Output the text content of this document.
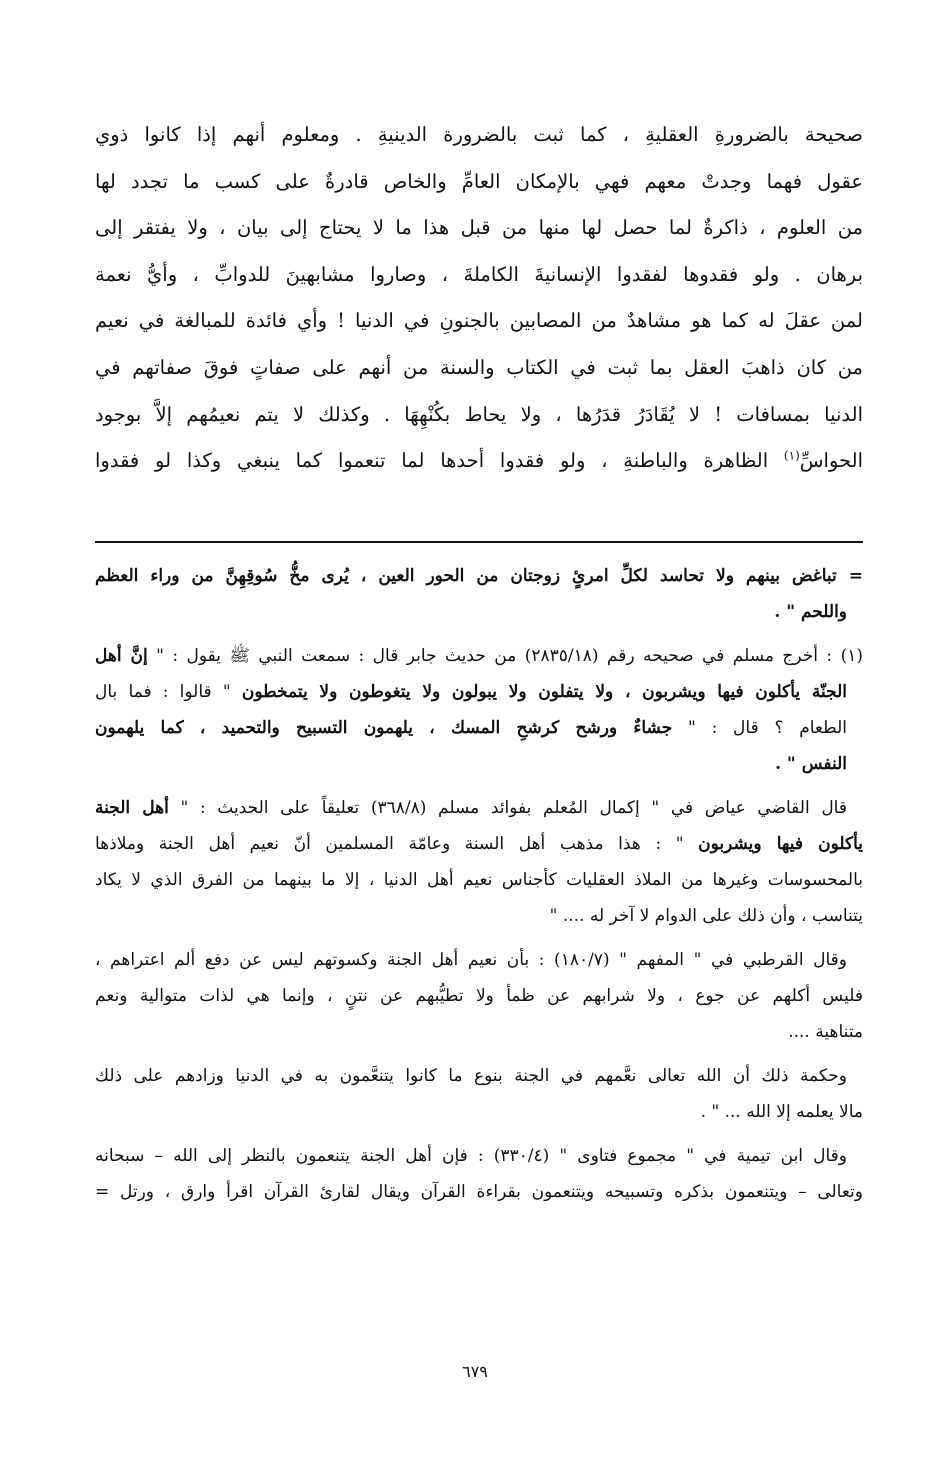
صحيحة بالضرورةِ العقليةِ ، كما ثبت بالضرورة الدينيةِ . ومعلوم أنهم إذا كانوا ذوي
عقول فهما وجدتْ معهم فهي بالإمكان العامِّ والخاص قادرةٌ على كسب ما تجدد لها
من العلوم ، ذاكرةٌ لما حصل لها منها من قبل هذا ما لا يحتاج إلى بيان ، ولا يفتقر إلى
برهان . ولو فقدوها لفقدوا الإنسانيةَ الكاملةَ ، وصاروا مشابهينَ للدوابِّ ، وأيُّ نعمة
لمن عقلَ له كما هو مشاهدٌ من المصابين بالجنونِ في الدنيا ! وأي فائدة للمبالغة في نعيم
من كان ذاهبَ العقل بما ثبت في الكتاب والسنة من أنهم على صفاتٍ فوقَ صفاتهم في
الدنيا بمسافات ! لا يُقَادَرُ قدَرُها ، ولا يحاط بكُنْهِهَا . وكذلك لا يتم نعيمُهم إلاَّ بوجود
الحواسِّ$^{(١)}$ الظاهرة والباطنةِ ، ولو فقدوا أحدها لما تنعموا كما ينبغي وكذا لو فقدوا
= تباغض بينهم ولا تحاسد لكلِّ امرئٍ زوجتان من الحور العين ، يُرى مخُّ سُوقِهِنَّ من وراء العظم
واللحم " .
(١) : أخرج مسلم في صحيحه رقم (٢٨٣٥/١٨) من حديث جابر قال : سمعت النبي ﷺ يقول : " إنَّ أهل
الجنّة يأكلون فيها ويشربون ، ولا يتفلون ولا يبولون ولا يتغوطون ولا يتمخطون " قالوا : فما بال
الطعام ؟ قال : " جشاءٌ ورشح كرشحِ المسك ، يلهمون التسبيح والتحميد ، كما يلهمون
النفس " .
قال القاضي عياض في " إكمال المُعلم بفوائد مسلم (٣٦٨/٨) تعليقاً على الحديث : " أهل الجنة
يأكلون فيها ويشربون " : هذا مذهب أهل السنة وعامّة المسلمين أنّ نعيم أهل الجنة وملاذها
بالمحسوسات وغيرها من الملاذ العقليات كأجناس نعيم أهل الدنيا ، إلا ما بينهما من الفرق الذي لا يكاد
يتناسب ، وأن ذلك على الدوام لا آخر له .... "
وقال القرطبي في " المفهم " (١٨٠/٧) : بأن نعيم أهل الجنة وكسوتهم ليس عن دفع ألم اعتراهم ،
فليس أكلهم عن جوع ، ولا شرابهم عن ظمأ ولا تطيُّبهم عن نتنٍ ، وإنما هي لذات متوالية ونعم
متناهية ....
وحكمة ذلك أن الله تعالى نعَّمهم في الجنة بنوع ما كانوا يتنعَّمون به في الدنيا وزادهم على ذلك
مالا يعلمه إلا الله ... " .
وقال ابن تيمية في " مجموع فتاوى " (٣٣٠/٤) : فإن أهل الجنة يتنعمون بالنظر إلى الله – سبحانه
وتعالى – ويتنعمون بذكره وتسبيحه ويتنعمون بقراءة القرآن ويقال لقارئ القرآن اقرأ وارق ، ورتل =
٦٧٩
